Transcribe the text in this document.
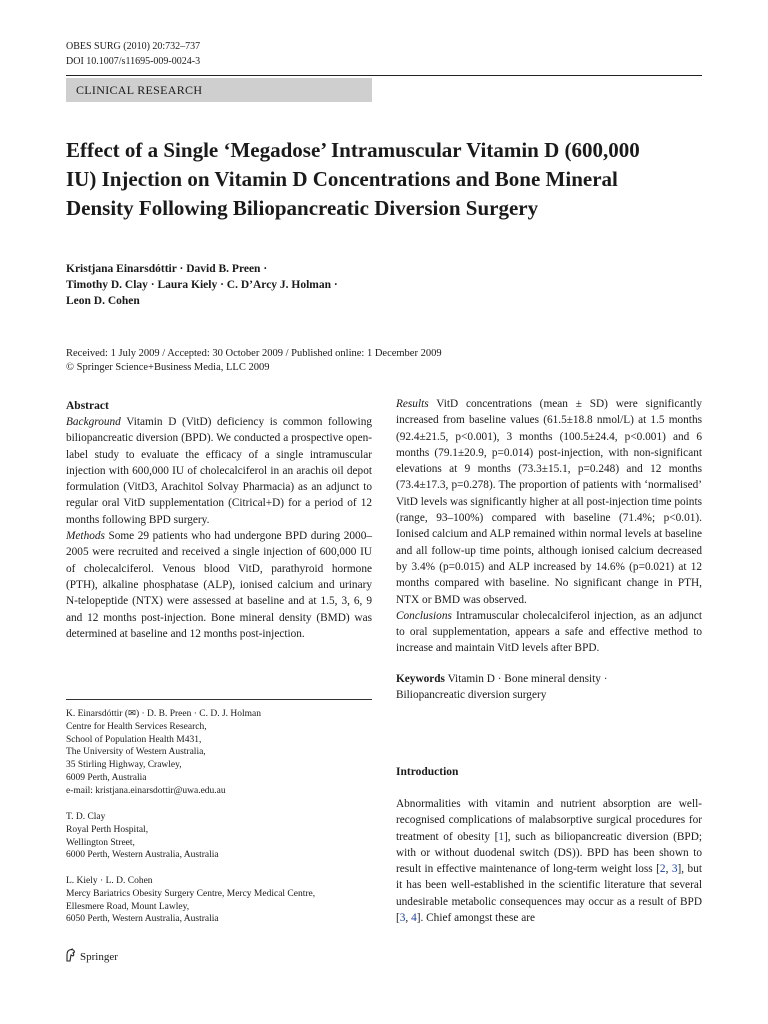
OBES SURG (2010) 20:732–737
DOI 10.1007/s11695-009-0024-3
CLINICAL RESEARCH
Effect of a Single ‘Megadose’ Intramuscular Vitamin D (600,000 IU) Injection on Vitamin D Concentrations and Bone Mineral Density Following Biliopancreatic Diversion Surgery
Kristjana Einarsdóttir · David B. Preen ·
Timothy D. Clay · Laura Kiely · C. D’Arcy J. Holman ·
Leon D. Cohen
Received: 1 July 2009 / Accepted: 30 October 2009 / Published online: 1 December 2009
© Springer Science+Business Media, LLC 2009
Abstract

Background Vitamin D (VitD) deficiency is common following biliopancreatic diversion (BPD). We conducted a prospective open-label study to evaluate the efficacy of a single intramuscular injection with 600,000 IU of cholecalciferol in an arachis oil depot formulation (VitD3, Arachitol Solvay Pharmacia) as an adjunct to regular oral VitD supplementation (Citrical+D) for a period of 12 months following BPD surgery.

Methods Some 29 patients who had undergone BPD during 2000–2005 were recruited and received a single injection of 600,000 IU of cholecalciferol. Venous blood VitD, parathyroid hormone (PTH), alkaline phosphatase (ALP), ionised calcium and urinary N-telopeptide (NTX) were assessed at baseline and at 1.5, 3, 6, 9 and 12 months post-injection. Bone mineral density (BMD) was determined at baseline and 12 months post-injection.

K. Einarsdóttir (✉) · D. B. Preen · C. D. J. Holman
Centre for Health Services Research,
School of Population Health M431,
The University of Western Australia,
35 Stirling Highway, Crawley,
6009 Perth, Australia
e-mail: kristjana.einarsdottir@uwa.edu.au
T. D. Clay
Royal Perth Hospital,
Wellington Street,
6000 Perth, Western Australia, Australia
L. Kiely · L. D. Cohen
Mercy Bariatrics Obesity Surgery Centre, Mercy Medical Centre,
Ellesmere Road, Mount Lawley,
6050 Perth, Western Australia, Australia

Results VitD concentrations (mean ± SD) were significantly increased from baseline values (61.5±18.8 nmol/L) at 1.5 months (92.4±21.5, p<0.001), 3 months (100.5±24.4, p<0.001) and 6 months (79.1±20.9, p=0.014) post-injection, with non-significant elevations at 9 months (73.3±15.1, p=0.248) and 12 months (73.4±17.3, p=0.278). The proportion of patients with ‘normalised’ VitD levels was significantly higher at all post-injection time points (range, 93–100%) compared with baseline (71.4%; p<0.01). Ionised calcium and ALP remained within normal levels at baseline and all follow-up time points, although ionised calcium decreased by 3.4% (p=0.015) and ALP increased by 14.6% (p=0.021) at 12 months compared with baseline. No significant change in PTH, NTX or BMD was observed.

Conclusions Intramuscular cholecalciferol injection, as an adjunct to oral supplementation, appears a safe and effective method to increase and maintain VitD levels after BPD.

Keywords Vitamin D · Bone mineral density ·
Biliopancreatic diversion surgery
Introduction

Abnormalities with vitamin and nutrient absorption are well-recognised complications of malabsorptive surgical procedures for treatment of obesity [1], such as biliopancreatic diversion (BPD; with or without duodenal switch (DS)). BPD has been shown to result in effective maintenance of long-term weight loss [2, 3], but it has been well-established in the scientific literature that several undesirable metabolic consequences may occur as a result of BPD [3, 4]. Chief amongst these are

Springer
